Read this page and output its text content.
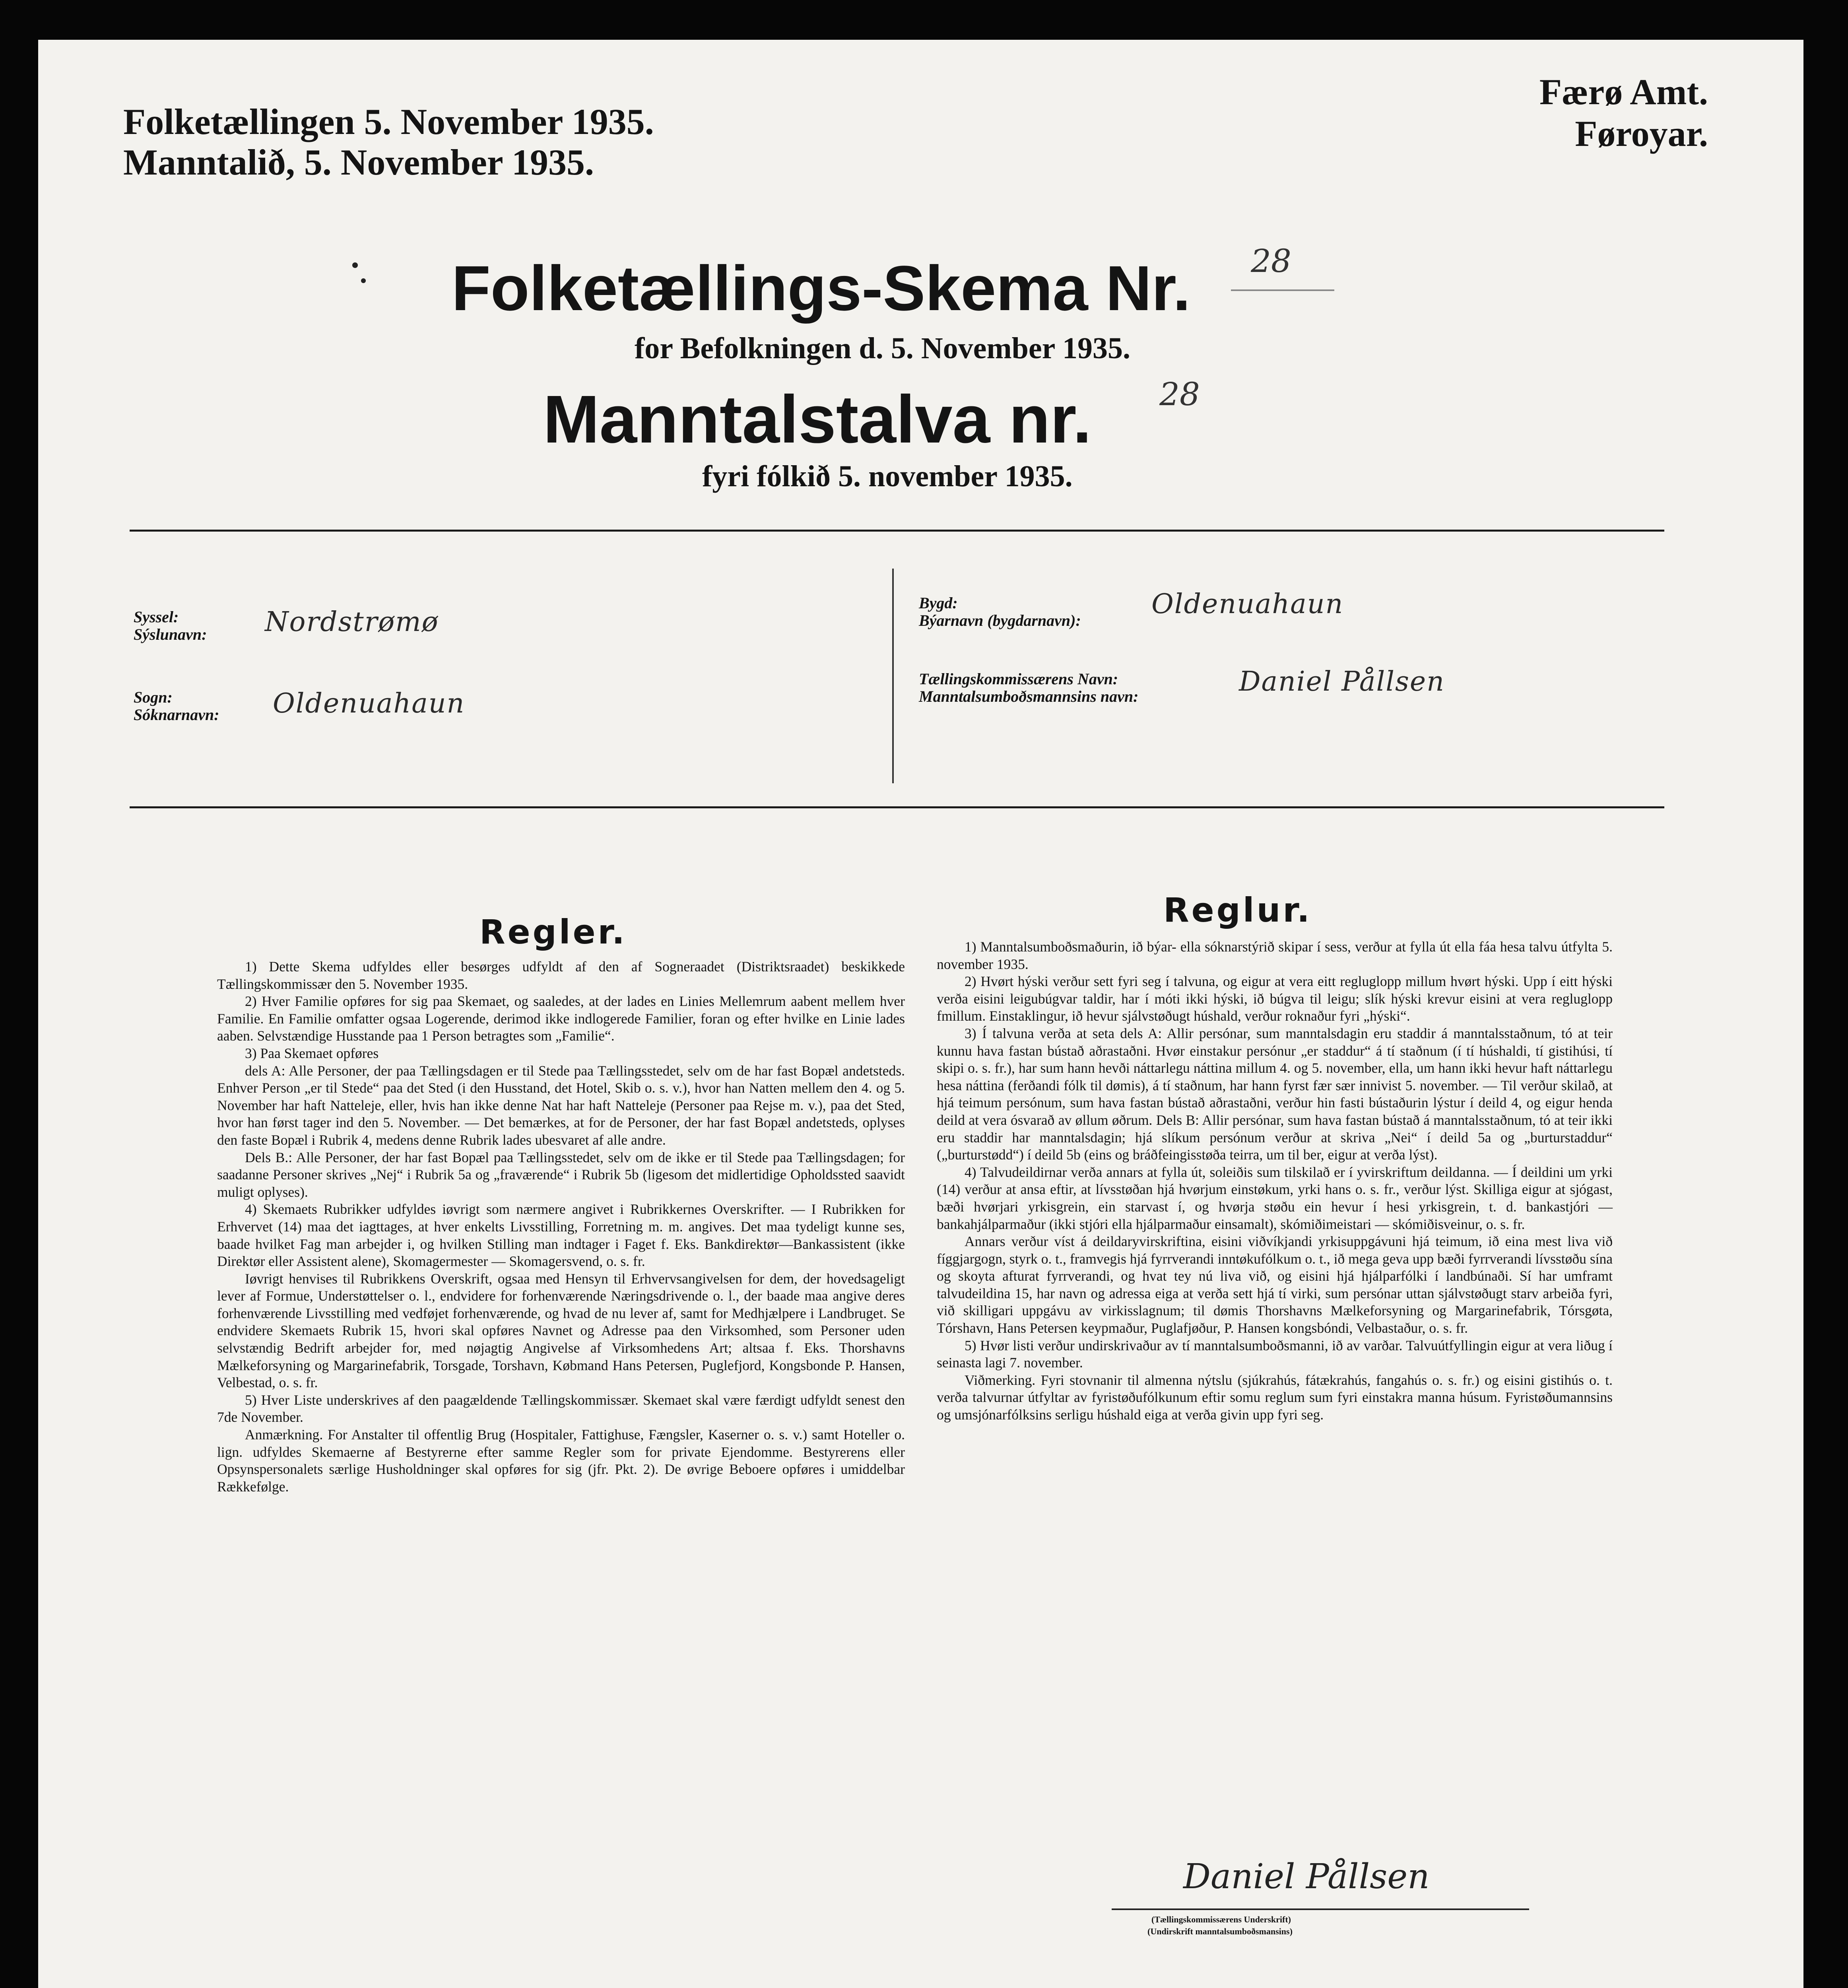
Folketællingen 5. November 1935.
Manntalið, 5. November 1935.
Færø Amt.
Føroyar.
Folketællings-Skema Nr. 28
for Befolkningen d. 5. November 1935.
Manntalstalva nr. 28
fyri fólkið 5. november 1935.
Syssel:
Sýslunavn: Nordstrømø
Sogn:
Sóknarnavn: Oldenuahaun
Bygd:
Býarnavn (bygdarnavn):
Oldenuahaun
Tællingskommissærens Navn:
Manntalsumboðsmannsins navn:	Daniel Pållsen
Regler.
Reglur.

1) Dette Skema udfyldes eller besørges udfyldt af den af Sogneraadet (Distriktsraadet) beskikkede Tællingskommissær den 5. November 1935.

2) Hver Familie opføres for sig paa Skemaet, og saaledes, at der lades en Linies Mellemrum aabent mellem hver Familie. En Familie omfatter ogsaa Logerende, derimod ikke indlogerede Familier, foran og efter hvilke en Linie lades aaben. Selvstændige Husstande paa 1 Person betragtes som „Familie“.

3) Paa Skemaet opføres

dels A: Alle Personer, der paa Tællingsdagen er til Stede paa Tællingsstedet, selv om de har fast Bopæl andetsteds. Enhver Person „er til Stede“ paa det Sted (i den Husstand, det Hotel, Skib o. s. v.), hvor han Natten mellem den 4. og 5. November har haft Natteleje, eller, hvis han ikke denne Nat har haft Natteleje (Personer paa Rejse m. v.), paa det Sted, hvor han først tager ind den 5. November. — Det bemærkes, at for de Personer, der har fast Bopæl andetsteds, oplyses den faste Bopæl i Rubrik 4, medens denne Rubrik lades ubesvaret af alle andre.

Dels B.: Alle Personer, der har fast Bopæl paa Tællingsstedet, selv om de ikke er til Stede paa Tællingsdagen; for saadanne Personer skrives „Nej“ i Rubrik 5a og „fraværende“ i Rubrik 5b (ligesom det midlertidige Opholdssted saavidt muligt oplyses).

4) Skemaets Rubrikker udfyldes iøvrigt som nærmere angivet i Rubrikkernes Overskrifter. — I Rubrikken for Erhvervet (14) maa det iagttages, at hver enkelts Livsstilling, Forretning m. m. angives. Det maa tydeligt kunne ses, baade hvilket Fag man arbejder i, og hvilken Stilling man indtager i Faget f. Eks. Bankdirektør—Bankassistent (ikke Direktør eller Assistent alene), Skomagermester — Skomagersvend, o. s. fr.

Iøvrigt henvises til Rubrikkens Overskrift, ogsaa med Hensyn til Erhvervsangivelsen for dem, der hovedsageligt lever af Formue, Understøttelser o. l., endvidere for forhenværende Næringsdrivende o. l., der baade maa angive deres forhenværende Livsstilling med vedføjet forhenværende, og hvad de nu lever af, samt for Medhjælpere i Landbruget. Se endvidere Skemaets Rubrik 15, hvori skal opføres Navnet og Adresse paa den Virksomhed, som Personer uden selvstændig Bedrift arbejder for, med nøjagtig Angivelse af Virksomhedens Art; altsaa f. Eks. Thorshavns Mælkeforsyning og Margarinefabrik, Torsgade, Torshavn, Købmand Hans Petersen, Puglefjord, Kongsbonde P. Hansen, Velbestad, o. s. fr.

5) Hver Liste underskrives af den paagældende Tællingskommissær. Skemaet skal være færdigt udfyldt senest den 7de November.

Anmærkning. For Anstalter til offentlig Brug (Hospitaler, Fattighuse, Fængsler, Kaserner o. s. v.) samt Hoteller o. lign. udfyldes Skemaerne af Bestyrerne efter samme Regler som for private Ejendomme. Bestyrerens eller Opsynspersonalets særlige Husholdninger skal opføres for sig (jfr. Pkt. 2). De øvrige Beboere opføres i umiddelbar Rækkefølge.

1) Manntalsumboðsmaðurin, ið býar- ella sóknarstýrið skipar í sess, verður at fylla út ella fáa hesa talvu útfylta 5. november 1935.

2) Hvørt hýski verður sett fyri seg í talvuna, og eigur at vera eitt regluglopp millum hvørt hýski. Upp í eitt hýski verða eisini leigubúgvar taldir, har í móti ikki hýski, ið búgva til leigu; slík hýski krevur eisini at vera regluglopp fmillum. Einstaklingur, ið hevur sjálvstøðugt húshald, verður roknaður fyri „hýski“.

3) Í talvuna verða at seta dels A: Allir persónar, sum manntalsdagin eru staddir á manntalsstaðnum, tó at teir kunnu hava fastan bústað aðrastaðni. Hvør einstakur persónur „er staddur“ á tí staðnum (í tí húshaldi, tí gistihúsi, tí skipi o. s. fr.), har sum hann hevði náttarlegu náttina millum 4. og 5. november, ella, um hann ikki hevur haft náttarlegu hesa náttina (ferðandi fólk til dømis), á tí staðnum, har hann fyrst fær sær innivist 5. november. — Til verður skilað, at hjá teimum persónum, sum hava fastan bústað aðrastaðni, verður hin fasti bústaðurin lýstur í deild 4, og eigur henda deild at vera ósvarað av øllum øðrum. Dels B: Allir persónar, sum hava fastan bústað á manntalsstaðnum, tó at teir ikki eru staddir har manntalsdagin; hjá slíkum persónum verður at skriva „Nei“ í deild 5a og „burturstaddur“ („burturstødd“) í deild 5b (eins og bráðfeingisstøða teirra, um til ber, eigur at verða lýst).

4) Talvudeildirnar verða annars at fylla út, soleiðis sum tilskilað er í yvirskriftum deildanna. — Í deildini um yrki (14) verður at ansa eftir, at lívsstøðan hjá hvørjum einstøkum, yrki hans o. s. fr., verður lýst. Skilliga eigur at sjógast, bæði hvørjari yrkisgrein, ein starvast í, og hvørja støðu ein hevur í hesi yrkisgrein, t. d. bankastjóri — bankahjálparmaður (ikki stjóri ella hjálparmaður einsamalt), skómiðimeistari — skómiðisveinur, o. s. fr.

Annars verður víst á deildaryvirskriftina, eisini viðvíkjandi yrkisuppgávuni hjá teimum, ið eina mest liva við fíggjargogn, styrk o. t., framvegis hjá fyrrverandi inntøkufólkum o. t., ið mega geva upp bæði fyrrverandi lívsstøðu sína og skoyta afturat fyrrverandi, og hvat tey nú liva við, og eisini hjá hjálparfólki í landbúnaði. Sí har umframt talvudeildina 15, har navn og adressa eiga at verða sett hjá tí virki, sum persónar uttan sjálvstøðugt starv arbeiða fyri, við skilligari uppgávu av virkisslagnum; til dømis Thorshavns Mælkeforsyning og Margarinefabrik, Tórsgøta, Tórshavn, Hans Petersen keypmaður, Puglafjøður, P. Hansen kongsbóndi, Velbastaður, o. s. fr.

5) Hvør listi verður undirskrivaður av tí manntalsumboðsmanni, ið av varðar. Talvuútfyllingin eigur at vera liðug í seinasta lagi 7. november.

Viðmerking. Fyri stovnanir til almenna nýtslu (sjúkrahús, fátækrahús, fangahús o. s. fr.) og eisini gistihús o. t. verða talvurnar útfyltar av fyristøðufólkunum eftir somu reglum sum fyri einstakra manna húsum. Fyristøðumannsins og umsjónarfólksins serligu húshald eiga at verða givin upp fyri seg.

Daniel Pållsen
(Tællingskommissærens Underskrift)
(Undirskrift manntalsumboðsmansins)
